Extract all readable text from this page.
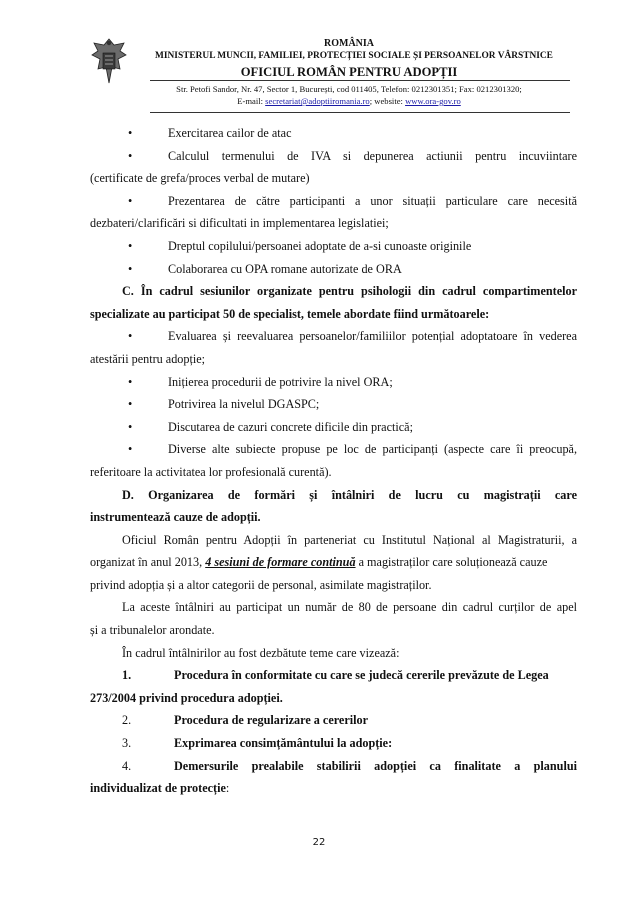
ROMÂNIA
MINISTERUL MUNCII, FAMILIEI, PROTECȚIEI SOCIALE ȘI PERSOANELOR VÂRSTNICE
OFICIUL ROMÂN PENTRU ADOPȚII
Str. Petofi Sandor, Nr. 47, Sector 1, București, cod 011405, Telefon: 0212301351; Fax: 0212301320;
E-mail: secretariat@adoptiiromania.ro; website: www.ora-gov.ro
•	Exercitarea cailor de atac
•	Calculul termenului de IVA si depunerea actiunii pentru incuviintare
(certificate de grefa/proces verbal de mutare)
•	Prezentarea de către participanti a unor situații particulare care necesită
dezbateri/clarificări si dificultati in implementarea legislatiei;
•	Dreptul copilului/persoanei adoptate de a-si cunoaste originile
•	Colaborarea cu OPA romane autorizate de ORA
C. În cadrul sesiunilor organizate pentru psihologii din cadrul compartimentelor
specializate au participat 50 de specialist, temele abordate fiind următoarele:
•	Evaluarea și reevaluarea persoanelor/familiilor potențial adoptatoare în vederea
atestării pentru adopție;
•	Inițierea procedurii de potrivire la nivel ORA;
•	Potrivirea la nivelul DGASPC;
•	Discutarea de cazuri concrete dificile din practică;
•	Diverse alte subiecte propuse pe loc de participanți (aspecte care îi preocupă,
referitoare la activitatea lor profesională curentă).
D. Organizarea de formări și întâlniri de lucru cu magistrații care
instrumentează cauze de adopții.
Oficiul Român pentru Adopții în parteneriat cu Institutul Național al Magistraturii, a
organizat în anul 2013, 4 sesiuni de formare continuă a magistraților care soluționează cauze
privind adopția și a altor categorii de personal, asimilate magistraților.
La aceste întâlniri au participat un număr de 80 de persoane din cadrul curților de apel
și a tribunalelor arondate.
În cadrul întâlnirilor au fost dezbătute teme care vizează:
1.	Procedura în conformitate cu care se judecă cererile prevăzute de Legea
273/2004 privind procedura adopției.
2.	Procedura de regularizare a cererilor
3.	Exprimarea consimțământului la adopție:
4.	Demersurile prealabile stabilirii adopției ca finalitate a planului
individualizat de protecție:
22
